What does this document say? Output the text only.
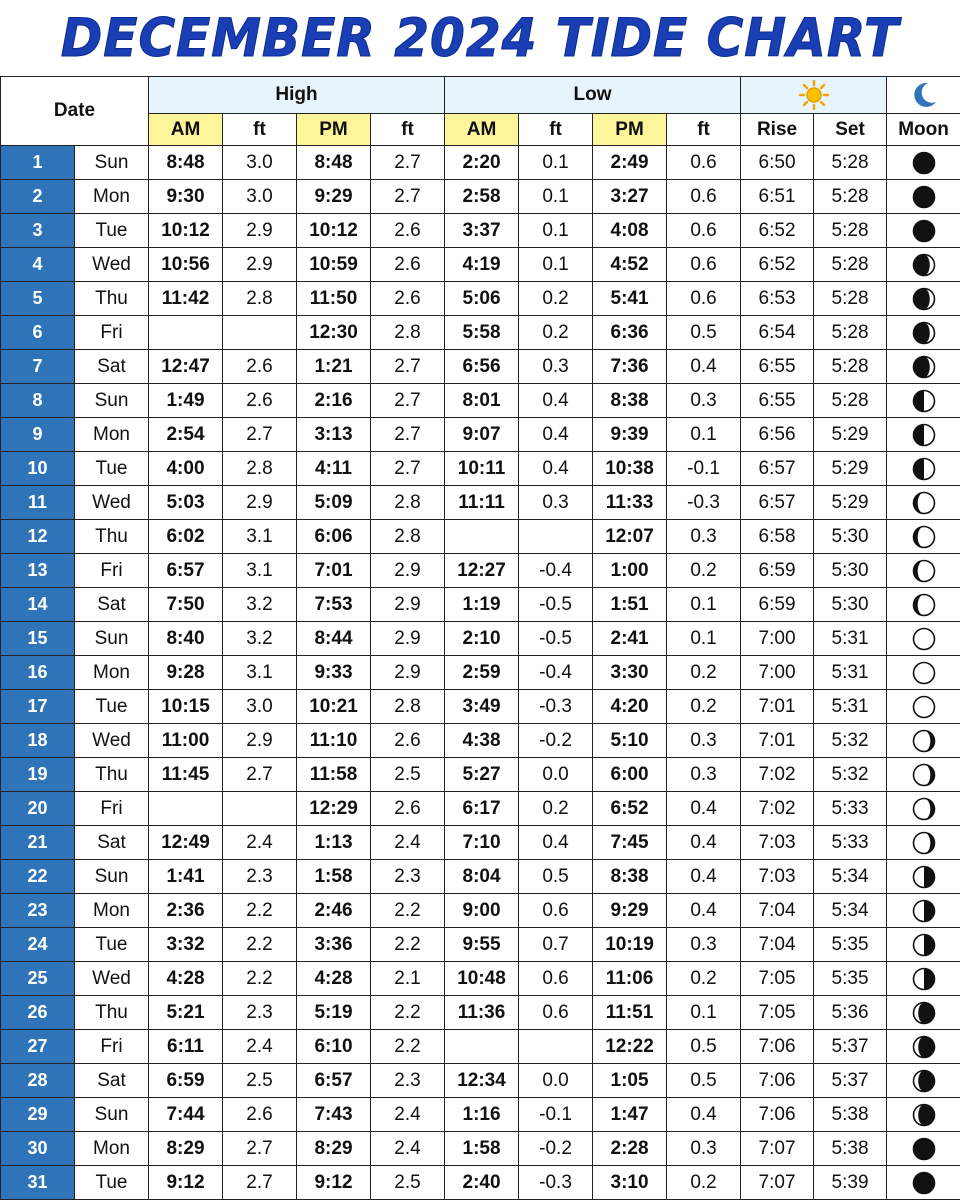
DECEMBER 2024 TIDE CHART
Date		High				Low	

		AM	ft	PM	ft	AM	ft	PM	ft	Rise	Set	Moon
1	Sun	8:48	3.0	8:48	2.7	2:20	0.1	2:49	0.6	6:50	5:28	

2	Mon	9:30	3.0	9:29	2.7	2:58	0.1	3:27	0.6	6:51	5:28	

3	Tue	10:12	2.9	10:12	2.6	3:37	0.1	4:08	0.6	6:52	5:28	

4	Wed	10:56	2.9	10:59	2.6	4:19	0.1	4:52	0.6	6:52	5:28	

5	Thu	11:42	2.8	11:50	2.6	5:06	0.2	5:41	0.6	6:53	5:28	

6	Fri			12:30	2.8	5:58	0.2	6:36	0.5	6:54	5:28	

7	Sat	12:47	2.6	1:21	2.7	6:56	0.3	7:36	0.4	6:55	5:28	

8	Sun	1:49	2.6	2:16	2.7	8:01	0.4	8:38	0.3	6:55	5:28	

9	Mon	2:54	2.7	3:13	2.7	9:07	0.4	9:39	0.1	6:56	5:29	

10	Tue	4:00	2.8	4:11	2.7	10:11	0.4	10:38	-0.1	6:57	5:29	

11	Wed	5:03	2.9	5:09	2.8	11:11	0.3	11:33	-0.3	6:57	5:29	

12	Thu	6:02	3.1	6:06	2.8			12:07	0.3	6:58	5:30	

13	Fri	6:57	3.1	7:01	2.9	12:27	-0.4	1:00	0.2	6:59	5:30	

14	Sat	7:50	3.2	7:53	2.9	1:19	-0.5	1:51	0.1	6:59	5:30	

15	Sun	8:40	3.2	8:44	2.9	2:10	-0.5	2:41	0.1	7:00	5:31	

16	Mon	9:28	3.1	9:33	2.9	2:59	-0.4	3:30	0.2	7:00	5:31	

17	Tue	10:15	3.0	10:21	2.8	3:49	-0.3	4:20	0.2	7:01	5:31	

18	Wed	11:00	2.9	11:10	2.6	4:38	-0.2	5:10	0.3	7:01	5:32	

19	Thu	11:45	2.7	11:58	2.5	5:27	0.0	6:00	0.3	7:02	5:32	

20	Fri			12:29	2.6	6:17	0.2	6:52	0.4	7:02	5:33	

21	Sat	12:49	2.4	1:13	2.4	7:10	0.4	7:45	0.4	7:03	5:33	

22	Sun	1:41	2.3	1:58	2.3	8:04	0.5	8:38	0.4	7:03	5:34	

23	Mon	2:36	2.2	2:46	2.2	9:00	0.6	9:29	0.4	7:04	5:34	

24	Tue	3:32	2.2	3:36	2.2	9:55	0.7	10:19	0.3	7:04	5:35	

25	Wed	4:28	2.2	4:28	2.1	10:48	0.6	11:06	0.2	7:05	5:35	

26	Thu	5:21	2.3	5:19	2.2	11:36	0.6	11:51	0.1	7:05	5:36	

27	Fri	6:11	2.4	6:10	2.2			12:22	0.5	7:06	5:37	

28	Sat	6:59	2.5	6:57	2.3	12:34	0.0	1:05	0.5	7:06	5:37	

29	Sun	7:44	2.6	7:43	2.4	1:16	-0.1	1:47	0.4	7:06	5:38	

30	Mon	8:29	2.7	8:29	2.4	1:58	-0.2	2:28	0.3	7:07	5:38	

31	Tue	9:12	2.7	9:12	2.5	2:40	-0.3	3:10	0.2	7:07	5:39	
